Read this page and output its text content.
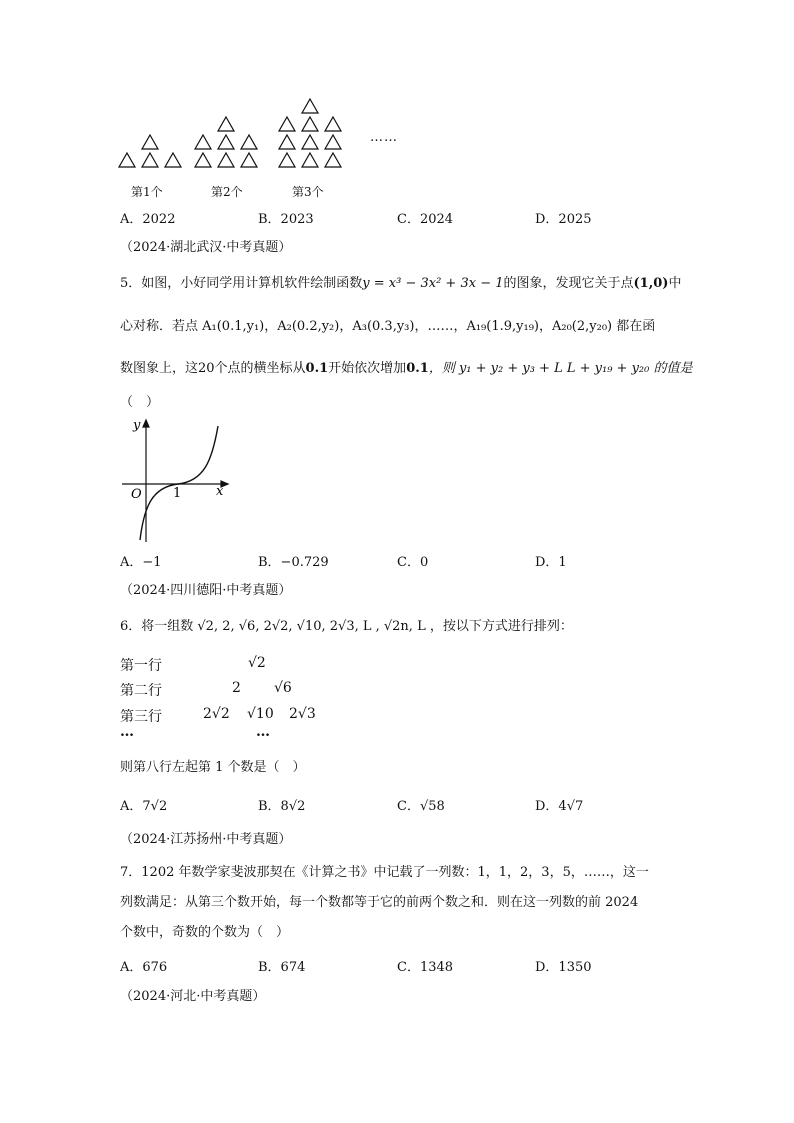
……
第1个	第2个	第3个
A．2022	B．2023	C．2024	D．2025
（2024·湖北武汉·中考真题）
5．如图，小好同学用计算机软件绘制函数y = x³ − 3x² + 3x − 1的图象，发现它关于点(1,0)中
心对称．若点 A₁(0.1,y₁)，A₂(0.2,y₂)，A₃(0.3,y₃)，……，A₁₉(1.9,y₁₉)，A₂₀(2,y₂₀) 都在函
数图象上，这20个点的横坐标从0.1开始依次增加0.1，则 y₁ + y₂ + y₃ + L L + y₁₉ + y₂₀ 的值是
（　）
y
x
O 1
A．−1	B．−0.729	C．0	D．1
（2024·四川德阳·中考真题）
6．将一组数 √2, 2, √6, 2√2, √10, 2√3, L , √2n, L ，按以下方式进行排列：
第一行	√2
第二行	2 √6
第三行	2√2 √10 2√3
…	…
则第八行左起第 1 个数是（　）
A．7√2	B．8√2	C．√58	D．4√7
（2024·江苏扬州·中考真题）
7．1202 年数学家斐波那契在《计算之书》中记载了一列数：1，1，2，3，5，……，这一
列数满足：从第三个数开始，每一个数都等于它的前两个数之和．则在这一列数的前 2024
个数中，奇数的个数为（　）
A．676	B．674	C．1348	D．1350
（2024·河北·中考真题）
